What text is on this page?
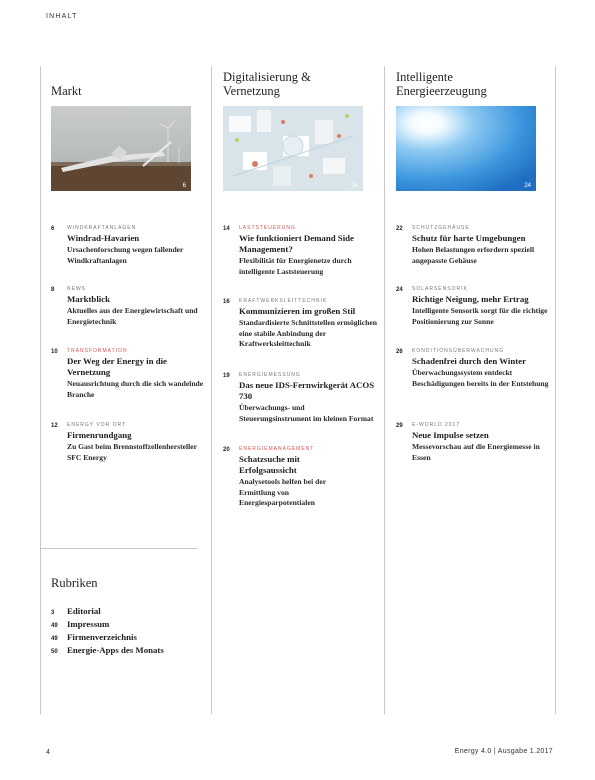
INHALT
Markt
Digitalisierung & Vernetzung
Intelligente Energieerzeugung
6	16	24
6	WINDKRAFTANLAGEN
Windrad-Havarien
Ursachenforschung wegen fallender Windkraftanlagen
8	NEWS
Marktblick
Aktuelles aus der Energiewirtschaft und Energietechnik
10 TRANSFORMATION
Der Weg der Energy in die Vernetzung
Neuausrichtung durch die sich wandelnde Branche
12 ENERGY VOR ORT
Firmenrundgang
Zu Gast beim Brennstoffzellenhersteller SFC Energy
14 LASTSTEUERUNG
Wie funktioniert Demand Side Management?
Flexibilität für Energienetze durch intelligente Laststeuerung
16 KRAFTWERKSLEITTECHNIK
Kommunizieren im großen Stil
Standardisierte Schnittstellen ermöglichen eine stabile Anbindung der Kraftwerksleittechnik
19 ENERGIEMESSUNG
Das neue IDS-Fernwirkgerät ACOS 730
Überwachungs- und Steuerungsinstrument im kleinen Format
20 ENERGIEMANAGEMENT
Schatzsuche mit Erfolgsaussicht
Analysetools helfen bei der Ermittlung von Energiesparpotentialen
22 SCHUTZGEHÄUSE
Schutz für harte Umgebungen
Hohen Belastungen erfordern speziell angepasste Gehäuse
24 SOLARSENSORIK
Richtige Neigung, mehr Ertrag
Intelligente Sensorik sorgt für die richtige Positionierung zur Sonne
26 KONDITIONSÜBERWACHUNG
Schadenfrei durch den Winter
Überwachungssystem entdeckt Beschädigungen bereits in der Entstehung
29 E-WORLD 2017
Neue Impulse setzen
Messevorschau auf die Energiemesse in Essen
Rubriken
3 Editorial
49 Impressum
49 Firmenverzeichnis
50 Energie-Apps des Monats
4	Energy 4.0 | Ausgabe 1.2017
